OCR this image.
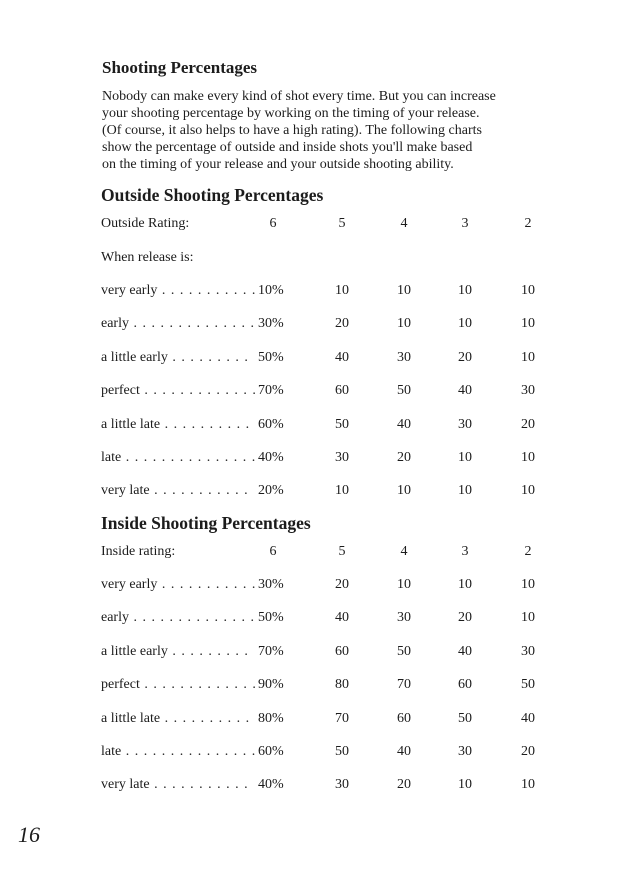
Shooting Percentages

Nobody can make every kind of shot every time. But you can increase
your shooting percentage by working on the timing of your release.
(Of course, it also helps to have a high rating). The following charts
show the percentage of outside and inside shots you'll make based
on the timing of your release and your outside shooting ability.

Outside Shooting Percentages
Outside Rating:	6	5	4	3	2
When release is:
very early . . . . . . . . . . . 10%	10	10	10	10
early . . . . . . . . . . . . . . 30%	20	10	10	10
a little early . . . . . . . . . 50%	40	30	20	10
perfect . . . . . . . . . . . . . 70%	60	50	40	30
a little late . . . . . . . . . . 60%	50	40	30	20
late . . . . . . . . . . . . . . . 40%	30	20	10	10
very late . . . . . . . . . . . 20%	10	10	10	10
Inside Shooting Percentages
Inside rating:	6	5	4	3	2
very early . . . . . . . . . . . 30%	20	10	10	10
early . . . . . . . . . . . . . . 50%	40	30	20	10
a little early . . . . . . . . . 70%	60	50	40	30
perfect . . . . . . . . . . . . . 90%	80	70	60	50
a little late . . . . . . . . . . 80%	70	60	50	40
late . . . . . . . . . . . . . . . 60%	50	40	30	20
very late . . . . . . . . . . . 40%	30	20	10	10
16
